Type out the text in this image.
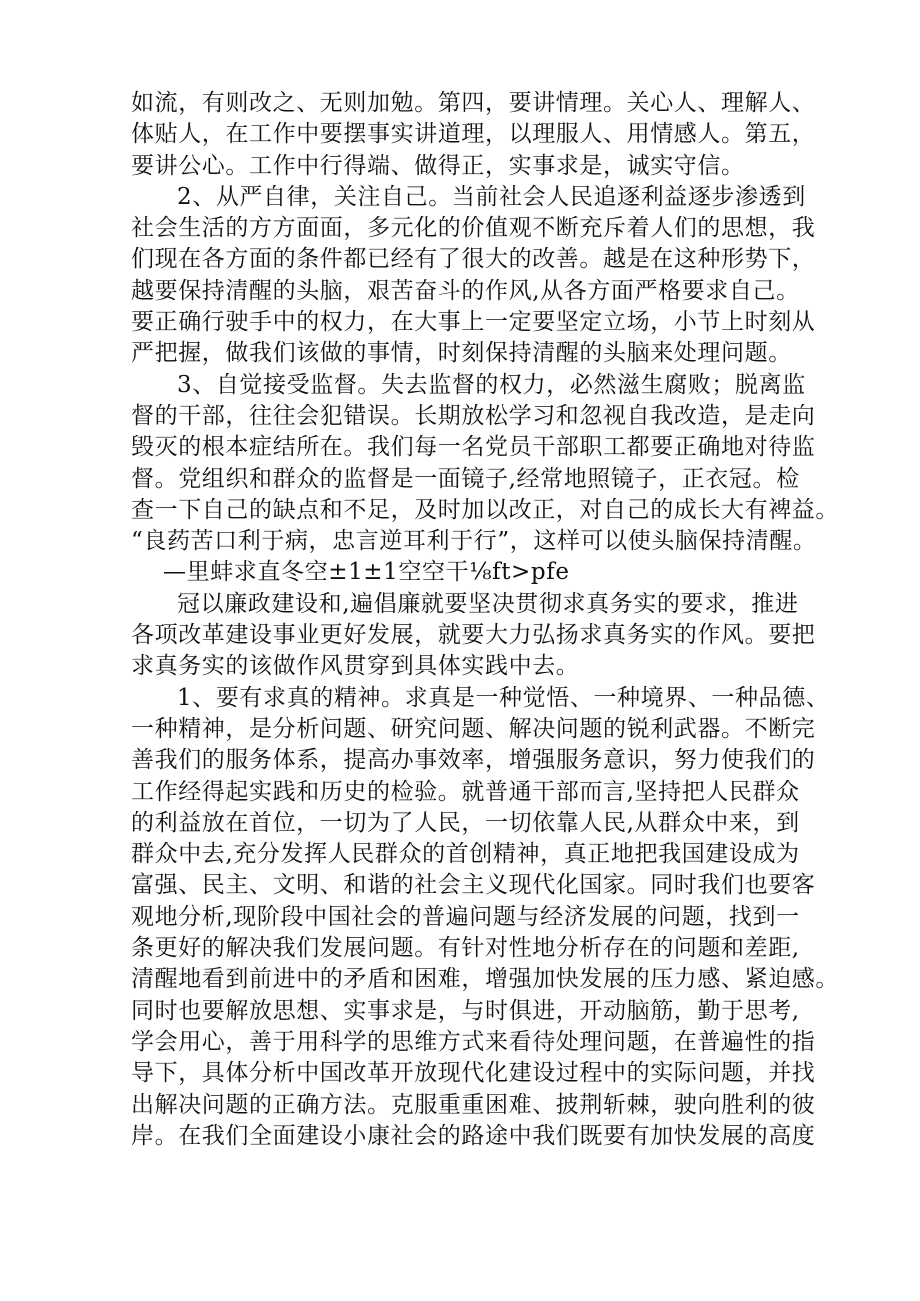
如流，有则改之、无则加勉。第四，要讲情理。关心人、理解人、
体贴人，在工作中要摆事实讲道理，以理服人、用情感人。第五，
要讲公心。工作中行得端、做得正，实事求是，诚实守信。
2、从严自律，关注自己。当前社会人民追逐利益逐步渗透到
社会生活的方方面面，多元化的价值观不断充斥着人们的思想，我
们现在各方面的条件都已经有了很大的改善。越是在这种形势下，
越要保持清醒的头脑，艰苦奋斗的作风,从各方面严格要求自己。
要正确行驶手中的权力，在大事上一定要坚定立场，小节上时刻从
严把握，做我们该做的事情，时刻保持清醒的头脑来处理问题。
3、自觉接受监督。失去监督的权力，必然滋生腐败；脱离监
督的干部，往往会犯错误。长期放松学习和忽视自我改造，是走向
毁灭的根本症结所在。我们每一名党员干部职工都要正确地对待监
督。党组织和群众的监督是一面镜子,经常地照镜子，正衣冠。检
查一下自己的缺点和不足，及时加以改正，对自己的成长大有裨益。
“良药苦口利于病，忠言逆耳利于行”，这样可以使头脑保持清醒。
—里蚌求直冬空±1±1空空干⅛ft>pfe
冠以廉政建设和,遍倡廉就要坚决贯彻求真务实的要求，推进
各项改革建设事业更好发展，就要大力弘扬求真务实的作风。要把
求真务实的该做作风贯穿到具体实践中去。
1、要有求真的精神。求真是一种觉悟、一种境界、一种品德、
一种精神，是分析问题、研究问题、解决问题的锐利武器。不断完
善我们的服务体系，提高办事效率，增强服务意识，努力使我们的
工作经得起实践和历史的检验。就普通干部而言,坚持把人民群众
的利益放在首位，一切为了人民，一切依靠人民,从群众中来，到
群众中去,充分发挥人民群众的首创精神，真正地把我国建设成为
富强、民主、文明、和谐的社会主义现代化国家。同时我们也要客
观地分析,现阶段中国社会的普遍问题与经济发展的问题，找到一
条更好的解决我们发展问题。有针对性地分析存在的问题和差距,
清醒地看到前进中的矛盾和困难，增强加快发展的压力感、紧迫感。
同时也要解放思想、实事求是，与时俱进，开动脑筋，勤于思考,
学会用心，善于用科学的思维方式来看待处理问题，在普遍性的指
导下，具体分析中国改革开放现代化建设过程中的实际问题，并找
出解决问题的正确方法。克服重重困难、披荆斩棘，驶向胜利的彼
岸。在我们全面建设小康社会的路途中我们既要有加快发展的高度
